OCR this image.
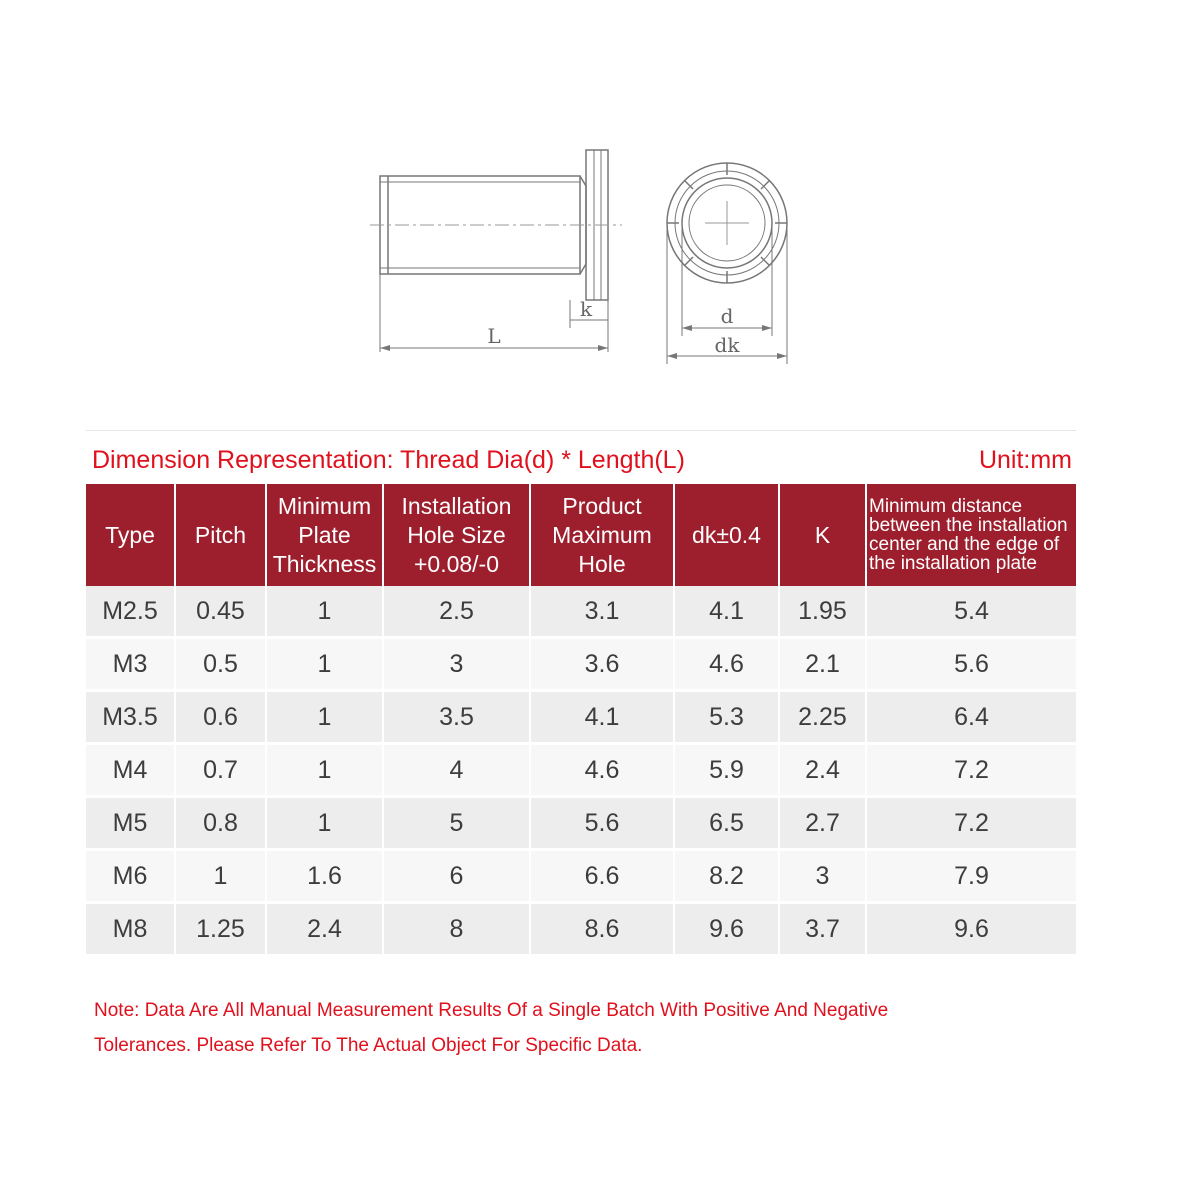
k
L
d
dk
Dimension Representation: Thread Dia(d) * Length(L)	Unit:mm
Type	Pitch	Minimum Plate Thickness	Installation Hole Size +0.08/-0	Product Maximum Hole	dk±0.4	K	Minimum distance between the installation center and the edge of the installation plate
M2.5	0.45	1	2.5	3.1	4.1	1.95	5.4
M3	0.5	1	3	3.6	4.6	2.1	5.6
M3.5	0.6	1	3.5	4.1	5.3	2.25	6.4
M4	0.7	1	4	4.6	5.9	2.4	7.2
M5	0.8	1	5	5.6	6.5	2.7	7.2
M6	1	1.6	6	6.6	8.2	3	7.9
M8	1.25	2.4	8	8.6	9.6	3.7	9.6
Note: Data Are All Manual Measurement Results Of a Single Batch With Positive And Negative
Tolerances. Please Refer To The Actual Object For Specific Data.
